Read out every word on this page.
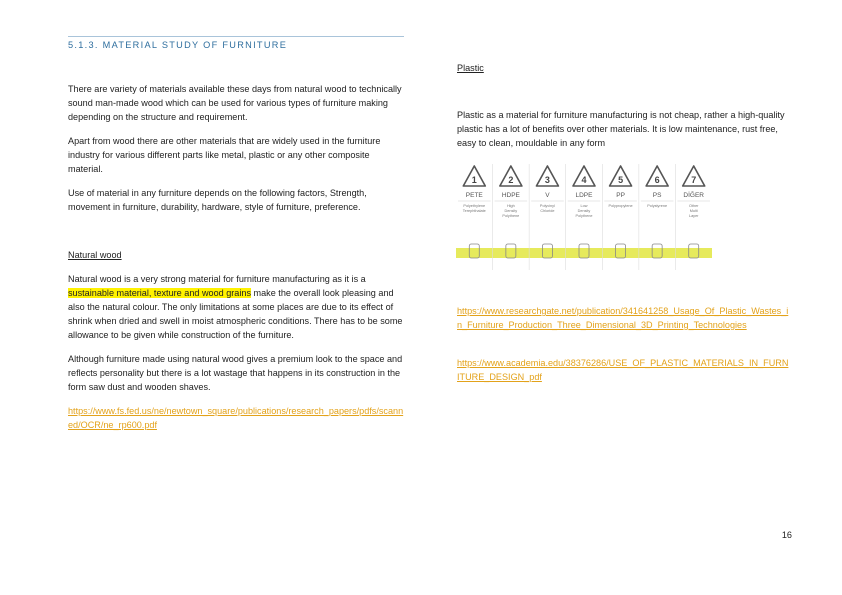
5.1.3. MATERIAL STUDY OF FURNITURE

There are variety of materials available these days from natural wood to technically sound man-made wood which can be used for various types of furniture making depending on the structure and requirement.

Apart from wood there are other materials that are widely used in the furniture industry for various different parts like metal, plastic or any other composite material.

Use of material in any furniture depends on the following factors, Strength, movement in furniture, durability, hardware, style of furniture, preference.

Natural wood

Natural wood is a very strong material for furniture manufacturing as it is a sustainable material, texture and wood grains make the overall look pleasing and also the natural colour. The only limitations at some places are due to its effect of shrink when dried and swell in moist atmospheric conditions. There has to be some allowance to be given while construction of the furniture.

Although furniture made using natural wood gives a premium look to the space and reflects personality but there is a lot wastage that happens in its construction in the form saw dust and wooden shaves.

https://www.fs.fed.us/ne/newtown_square/publications/research_papers/pdfs/scanned/OCR/ne_rp600.pdf
Plastic

Plastic as a material for furniture manufacturing is not cheap, rather a high-quality plastic has a lot of benefits over other materials. It is low maintenance, rust free, easy to clean, mouldable in any form

1
PETE
Polyethylene
Terephthalate
2
HDPE
High
Density
Polythene
3
V
Polyvinyl
Chloride
4
LDPE
Low
Density
Polythene
5
PP
Polypropylene
6
PS
Polystyrene
7
DİĞER
Other
Multi
Layer
https://www.researchgate.net/publication/341641258_Usage_Of_Plastic_Wastes_in_Furniture_Production_Three_Dimensional_3D_Printing_Technologies
https://www.academia.edu/38376286/USE_OF_PLASTIC_MATERIALS_IN_FURNITURE_DESIGN_pdf
16
